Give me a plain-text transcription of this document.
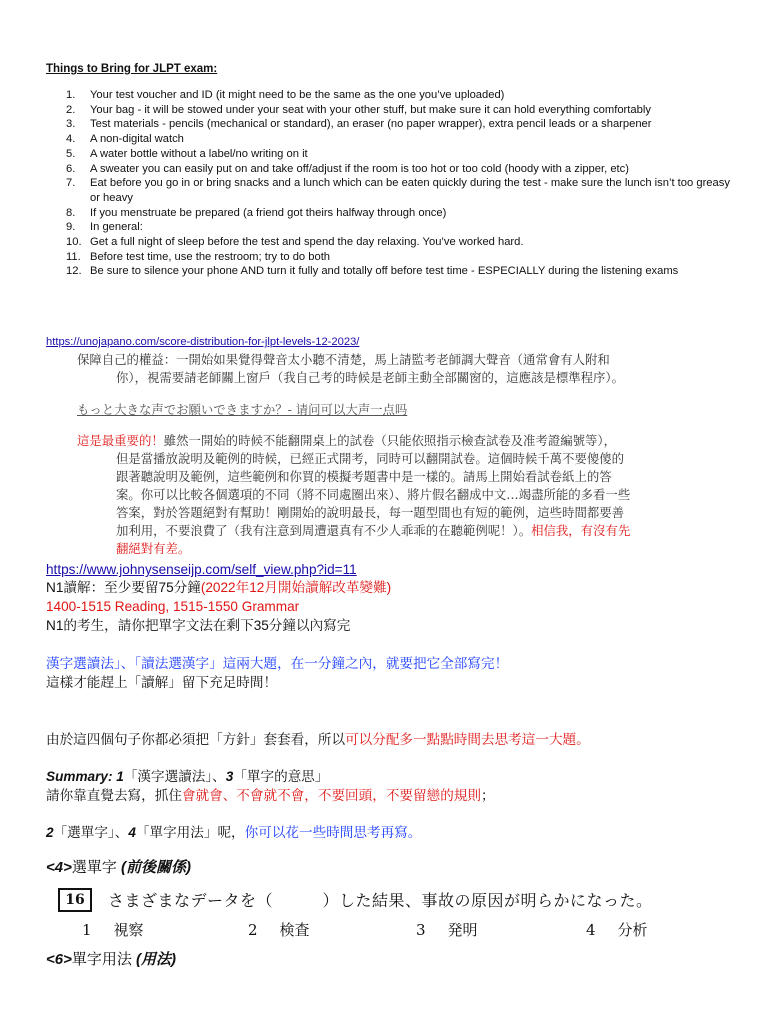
Things to Bring for JLPT exam:
1. Your test voucher and ID (it might need to be the same as the one you’ve uploaded)
2. Your bag - it will be stowed under your seat with your other stuff, but make sure it can hold everything comfortably
3. Test materials - pencils (mechanical or standard), an eraser (no paper wrapper), extra pencil leads or a sharpener
4. A non-digital watch
5. A water bottle without a label/no writing on it
6. A sweater you can easily put on and take off/adjust if the room is too hot or too cold (hoody with a zipper, etc)
7. Eat before you go in or bring snacks and a lunch which can be eaten quickly during the test - make sure the lunch isn’t too greasy or heavy
8. If you menstruate be prepared (a friend got theirs halfway through once)
9. In general:
10. Get a full night of sleep before the test and spend the day relaxing. You’ve worked hard.
11. Before test time, use the restroom; try to do both
12. Be sure to silence your phone AND turn it fully and totally off before test time - ESPECIALLY during the listening exams
https://unojapano.com/score-distribution-for-jlpt-levels-12-2023/
保障自己的權益：一開始如果覺得聲音太小聽不清楚，馬上請監考老師調大聲音（通常會有人附和
你），視需要請老師關上窗戶（我自己考的時候是老師主動全部關窗的，這應該是標準程序）。
もっと大きな声でお願いできますか？- 请问可以大声一点吗
這是最重要的！雖然一開始的時候不能翻開桌上的試卷（只能依照指示檢查試卷及准考證編號等），
但是當播放說明及範例的時候，已經正式開考，同時可以翻開試卷。這個時候千萬不要傻傻的
跟著聽說明及範例，這些範例和你買的模擬考題書中是一樣的。請馬上開始看試卷紙上的答
案。你可以比較各個選項的不同（將不同處圈出來）、將片假名翻成中文…竭盡所能的多看一些
答案，對於答題絕對有幫助！剛開始的說明最長，每一題型間也有短的範例，這些時間都要善
加利用，不要浪費了（我有注意到周遭還真有不少人乖乖的在聽範例呢！）。相信我，有沒有先
翻絕對有差。
https://www.johnysenseijp.com/self_view.php?id=11
N1讀解：至少要留75分鐘(2022年12月開始讀解改革變難)
1400-1515 Reading, 1515-1550 Grammar
N1的考生，請你把單字文法在剩下35分鐘以內寫完
漢字選讀法」、「讀法選漢字」這兩大題，在一分鐘之內，就要把它全部寫完！
這樣才能趕上「讀解」留下充足時間！
由於這四個句子你都必須把「方針」套套看，所以可以分配多一點點時間去思考這一大題。
Summary: 1「漢字選讀法」、3「單字的意思」
請你靠直覺去寫，抓住會就會、不會就不會，不要回頭，不要留戀的規則；
2「選單字」、4「單字用法」呢，你可以花一些時間思考再寫。
<4>選單字 (前後關係)
16	さまざまなデータを（　　　）した結果、事故の原因が明らかになった。
1 視察	2 検査	3 発明	4 分析
<6>單字用法 (用法)
